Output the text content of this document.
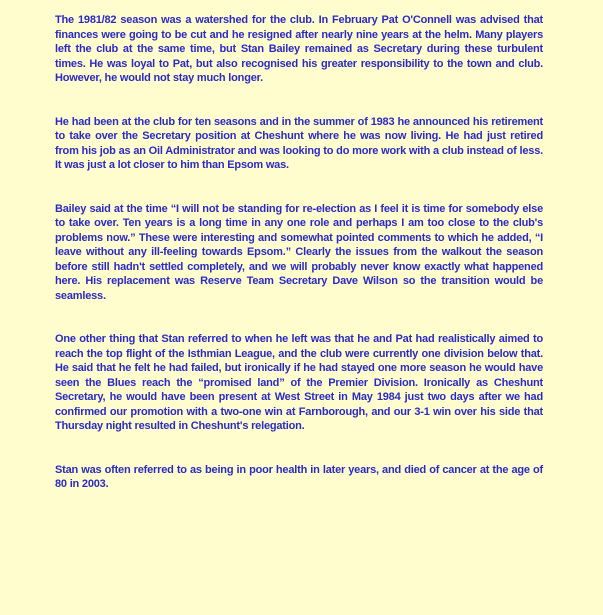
The 1981/82 season was a watershed for the club. In February Pat O'Connell was advised that finances were going to be cut and he resigned after nearly nine years at the helm. Many players left the club at the same time, but Stan Bailey remained as Secretary during these turbulent times. He was loyal to Pat, but also recognised his greater responsibility to the town and club. However, he would not stay much longer.

He had been at the club for ten seasons and in the summer of 1983 he announced his retirement to take over the Secretary position at Cheshunt where he was now living. He had just retired from his job as an Oil Administrator and was looking to do more work with a club instead of less. It was just a lot closer to him than Epsom was.

Bailey said at the time “I will not be standing for re-election as I feel it is time for somebody else to take over. Ten years is a long time in any one role and perhaps I am too close to the club's problems now.” These were interesting and somewhat pointed comments to which he added, “I leave without any ill-feeling towards Epsom.” Clearly the issues from the walkout the season before still hadn't settled completely, and we will probably never know exactly what happened here. His replacement was Reserve Team Secretary Dave Wilson so the transition would be seamless.

One other thing that Stan referred to when he left was that he and Pat had realistically aimed to reach the top flight of the Isthmian League, and the club were currently one division below that. He said that he felt he had failed, but ironically if he had stayed one more season he would have seen the Blues reach the “promised land” of the Premier Division. Ironically as Cheshunt Secretary, he would have been present at West Street in May 1984 just two days after we had confirmed our promotion with a two-one win at Farnborough, and our 3-1 win over his side that Thursday night resulted in Cheshunt's relegation.

Stan was often referred to as being in poor health in later years, and died of cancer at the age of 80 in 2003.
